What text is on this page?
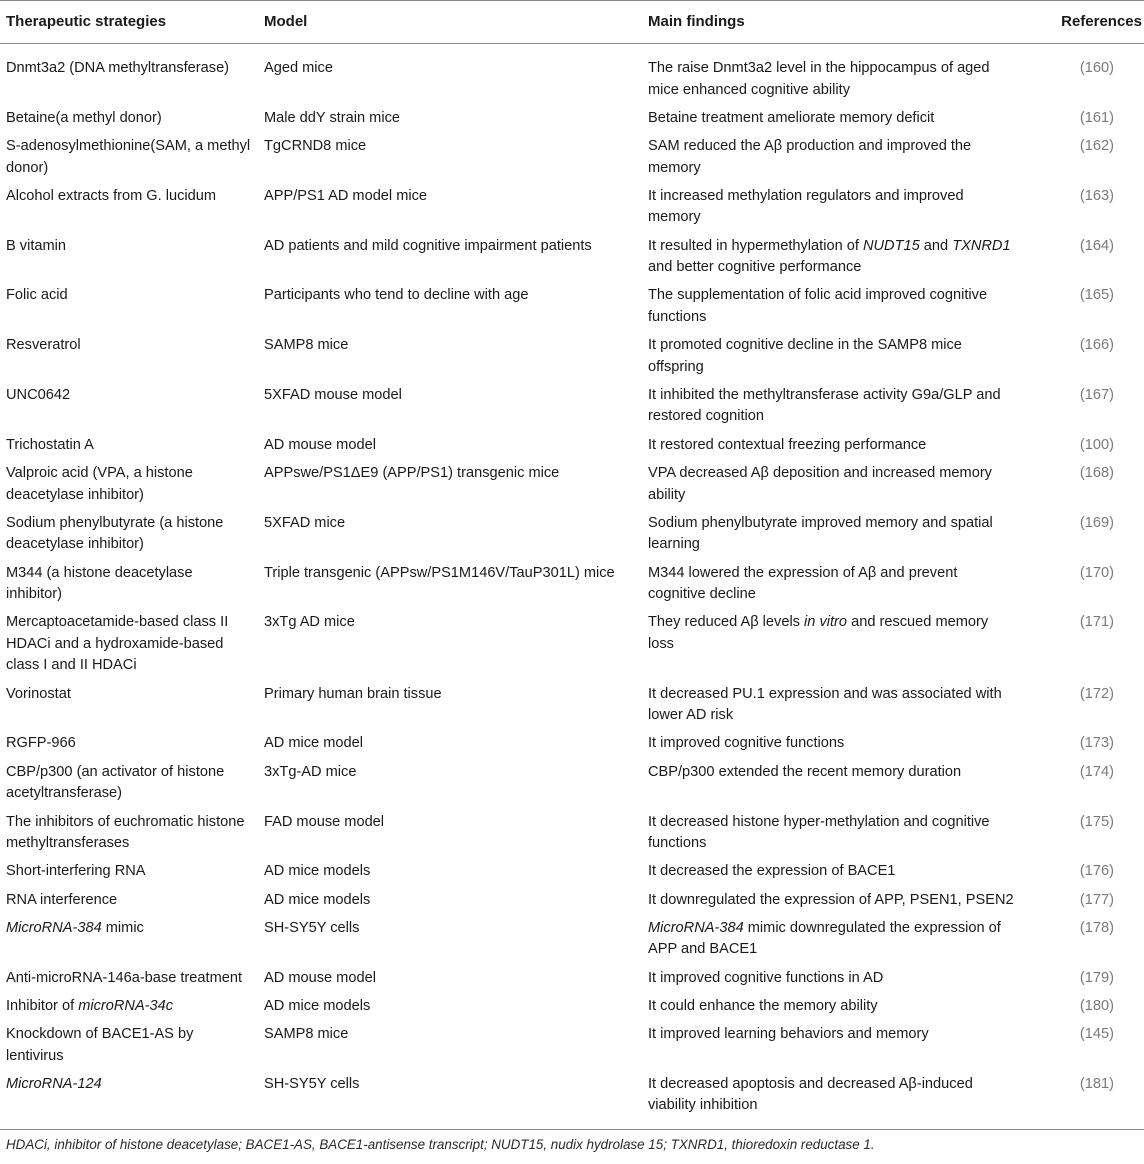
Therapeutic strategies	Model	Main findings	References
Dnmt3a2 (DNA methyltransferase)	Aged mice	The raise Dnmt3a2 level in the hippocampus of aged mice enhanced cognitive ability	(160)
Betaine(a methyl donor)	Male ddY strain mice	Betaine treatment ameliorate memory deficit	(161)
S-adenosylmethionine(SAM, a methyl donor)	TgCRND8 mice	SAM reduced the Aβ production and improved the memory	(162)
Alcohol extracts from G. lucidum	APP/PS1 AD model mice	It increased methylation regulators and improved memory	(163)
B vitamin	AD patients and mild cognitive impairment patients	It resulted in hypermethylation of NUDT15 and TXNRD1 and better cognitive performance	(164)
Folic acid	Participants who tend to decline with age	The supplementation of folic acid improved cognitive functions	(165)
Resveratrol	SAMP8 mice	It promoted cognitive decline in the SAMP8 mice offspring	(166)
UNC0642	5XFAD mouse model	It inhibited the methyltransferase activity G9a/GLP and restored cognition	(167)
Trichostatin A	AD mouse model	It restored contextual freezing performance	(100)
Valproic acid (VPA, a histone deacetylase inhibitor)	APPswe/PS1ΔE9 (APP/PS1) transgenic mice	VPA decreased Aβ deposition and increased memory ability	(168)
Sodium phenylbutyrate (a histone deacetylase inhibitor)	5XFAD mice	Sodium phenylbutyrate improved memory and spatial learning	(169)
M344 (a histone deacetylase inhibitor)	Triple transgenic (APPsw/PS1M146V/TauP301L) mice	M344 lowered the expression of Aβ and prevent cognitive decline	(170)
Mercaptoacetamide-based class II HDACi and a hydroxamide-based class I and II HDACi	3xTg AD mice	They reduced Aβ levels in vitro and rescued memory loss	(171)
Vorinostat	Primary human brain tissue	It decreased PU.1 expression and was associated with lower AD risk	(172)
RGFP-966	AD mice model	It improved cognitive functions	(173)
CBP/p300 (an activator of histone acetyltransferase)	3xTg-AD mice	CBP/p300 extended the recent memory duration	(174)
The inhibitors of euchromatic histone methyltransferases	FAD mouse model	It decreased histone hyper-methylation and cognitive functions	(175)
Short-interfering RNA	AD mice models	It decreased the expression of BACE1	(176)
RNA interference	AD mice models	It downregulated the expression of APP, PSEN1, PSEN2	(177)
MicroRNA-384 mimic	SH-SY5Y cells	MicroRNA-384 mimic downregulated the expression of APP and BACE1	(178)
Anti-microRNA-146a-base treatment	AD mouse model	It improved cognitive functions in AD	(179)
Inhibitor of microRNA-34c	AD mice models	It could enhance the memory ability	(180)
Knockdown of BACE1-AS by lentivirus	SAMP8 mice	It improved learning behaviors and memory	(145)
MicroRNA-124	SH-SY5Y cells	It decreased apoptosis and decreased Aβ-induced viability inhibition	(181)
HDACi, inhibitor of histone deacetylase; BACE1-AS, BACE1-antisense transcript; NUDT15, nudix hydrolase 15; TXNRD1, thioredoxin reductase 1.
